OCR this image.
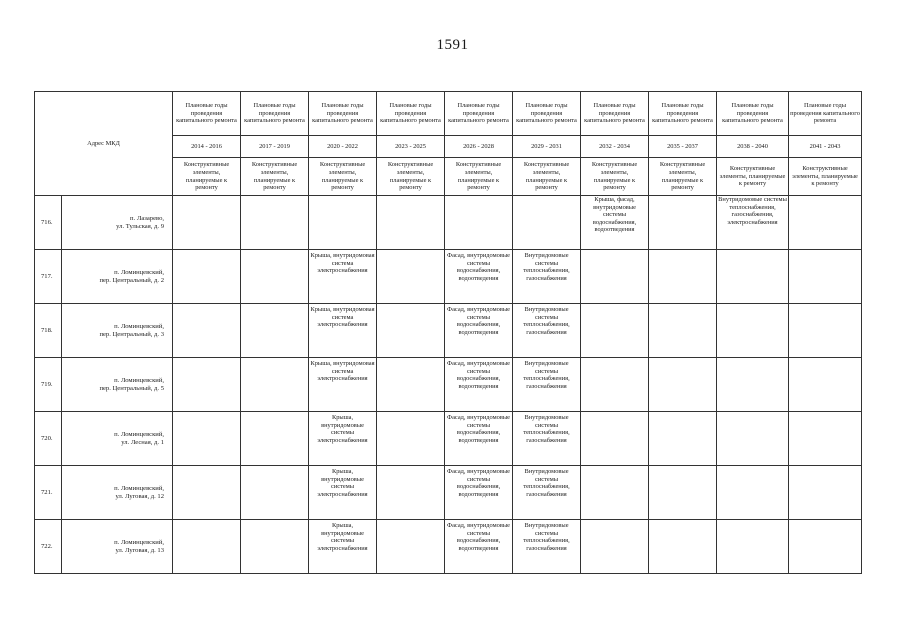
1591
Адрес МКД		Плановые годы проведения капитального ремонта	Плановые годы проведения капитального ремонта	Плановые годы проведения капитального ремонта	Плановые годы проведения капитального ремонта	Плановые годы проведения капитального ремонта	Плановые годы проведения капитального ремонта	Плановые годы проведения капитального ремонта	Плановые годы проведения капитального ремонта	Плановые годы проведения капитального ремонта	Плановые годы проведения капитального ремонта
		2014 - 2016	2017 - 2019	2020 - 2022	2023 - 2025	2026 - 2028	2029 - 2031	2032 - 2034	2035 - 2037	2038 - 2040	2041 - 2043
		Конструктивные элементы, планируемые к ремонту	Конструктивные элементы, планируемые к ремонту	Конструктивные элементы, планируемые к ремонту	Конструктивные элементы, планируемые к ремонту	Конструктивные элементы, планируемые к ремонту	Конструктивные элементы, планируемые к ремонту	Конструктивные элементы, планируемые к ремонту	Конструктивные элементы, планируемые к ремонту	Конструктивные элементы, планируемые к ремонту	Конструктивные элементы, планируемые к ремонту
716.	п. Лазарево,
ул. Тульская, д. 9							Крыша, фасад, внутридомовые системы водоснабжения, водоотведения		Внутридомовые системы теплоснабжения, газоснабжения, электроснабжения	
717.	п. Ломинцевский,
пер. Центральный, д. 2			Крыша, внутридомовая система электроснабжения		Фасад, внутридомовые системы водоснабжения, водоотведения	Внутридомовые системы теплоснабжения, газоснабжения				
718.	п. Ломинцевский,
пер. Центральный, д. 3			Крыша, внутридомовая система электроснабжения		Фасад, внутридомовые системы водоснабжения, водоотведения	Внутридомовые системы теплоснабжения, газоснабжения				
719.	п. Ломинцевский,
пер. Центральный, д. 5			Крыша, внутридомовая система электроснабжения		Фасад, внутридомовые системы водоснабжения, водоотведения	Внутридомовые системы теплоснабжения, газоснабжения				
720.	п. Ломинцевский,
ул. Лесная, д. 1			Крыша, внутридомовые системы электроснабжения		Фасад, внутридомовые системы водоснабжения, водоотведения	Внутридомовые системы теплоснабжения, газоснабжения				
721.	п. Ломинцевский,
ул. Луговая, д. 12			Крыша, внутридомовые системы электроснабжения		Фасад, внутридомовые системы водоснабжения, водоотведения	Внутридомовые системы теплоснабжения, газоснабжения				
722.	п. Ломинцевский,
ул. Луговая, д. 13			Крыша, внутридомовые системы электроснабжения		Фасад, внутридомовые системы водоснабжения, водоотведения	Внутридомовые системы теплоснабжения, газоснабжения				
